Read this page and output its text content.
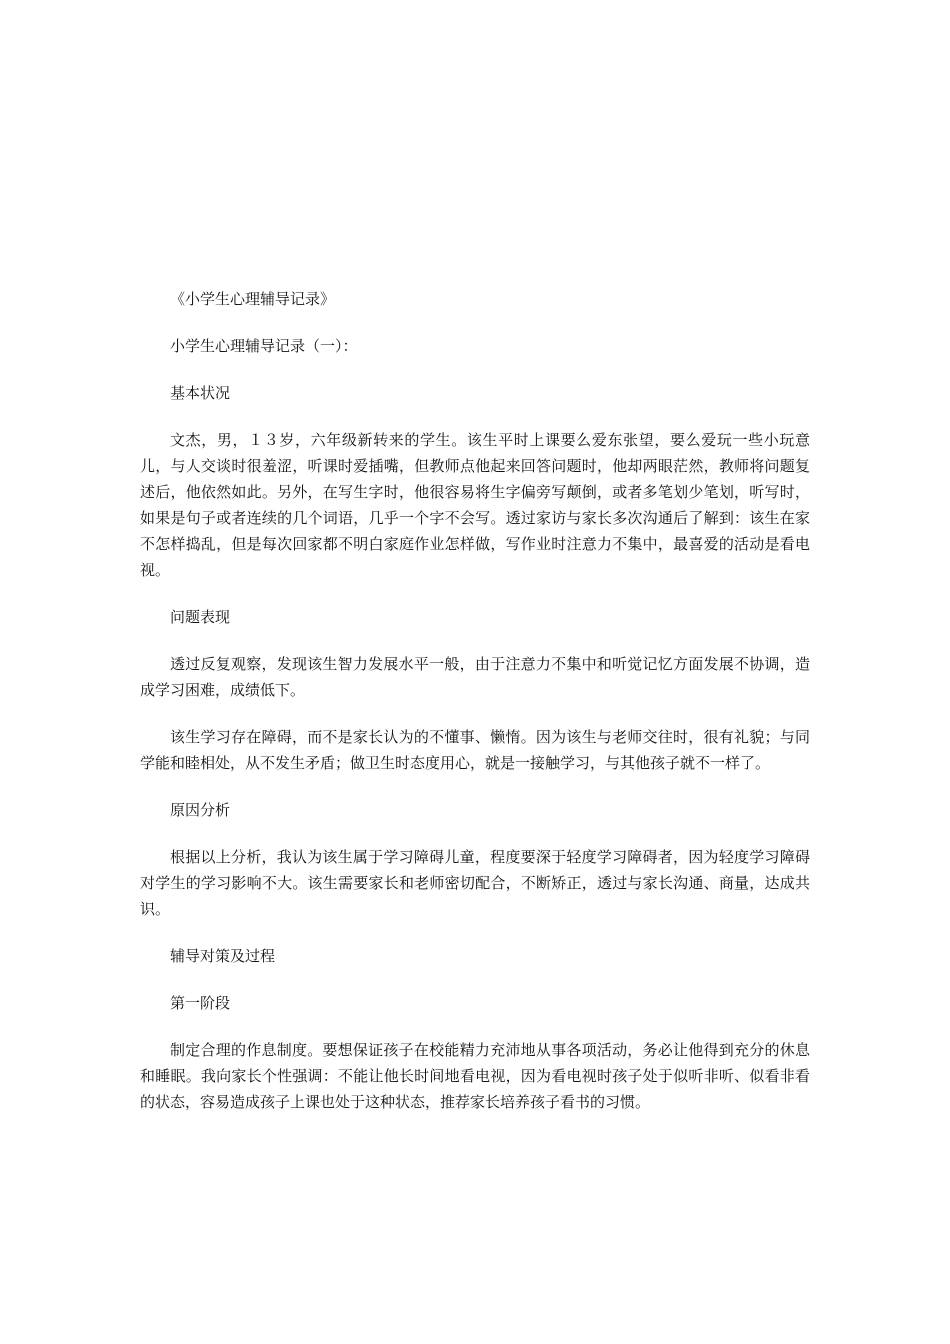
《小学生心理辅导记录》

小学生心理辅导记录（一）：

基本状况

文杰，男，１３岁，六年级新转来的学生。该生平时上课要么爱东张望，要么爱玩一些小玩意儿，与人交谈时很羞涩，听课时爱插嘴，但教师点他起来回答问题时，他却两眼茫然，教师将问题复述后，他依然如此。另外，在写生字时，他很容易将生字偏旁写颠倒，或者多笔划少笔划，听写时，如果是句子或者连续的几个词语，几乎一个字不会写。透过家访与家长多次沟通后了解到：该生在家不怎样捣乱，但是每次回家都不明白家庭作业怎样做，写作业时注意力不集中，最喜爱的活动是看电视。

问题表现

透过反复观察，发现该生智力发展水平一般，由于注意力不集中和听觉记忆方面发展不协调，造成学习困难，成绩低下。

该生学习存在障碍，而不是家长认为的不懂事、懒惰。因为该生与老师交往时，很有礼貌；与同学能和睦相处，从不发生矛盾；做卫生时态度用心，就是一接触学习，与其他孩子就不一样了。

原因分析

根据以上分析，我认为该生属于学习障碍儿童，程度要深于轻度学习障碍者，因为轻度学习障碍对学生的学习影响不大。该生需要家长和老师密切配合，不断矫正，透过与家长沟通、商量，达成共识。

辅导对策及过程

第一阶段

制定合理的作息制度。要想保证孩子在校能精力充沛地从事各项活动，务必让他得到充分的休息和睡眠。我向家长个性强调：不能让他长时间地看电视，因为看电视时孩子处于似听非听、似看非看的状态，容易造成孩子上课也处于这种状态，推荐家长培养孩子看书的习惯。
